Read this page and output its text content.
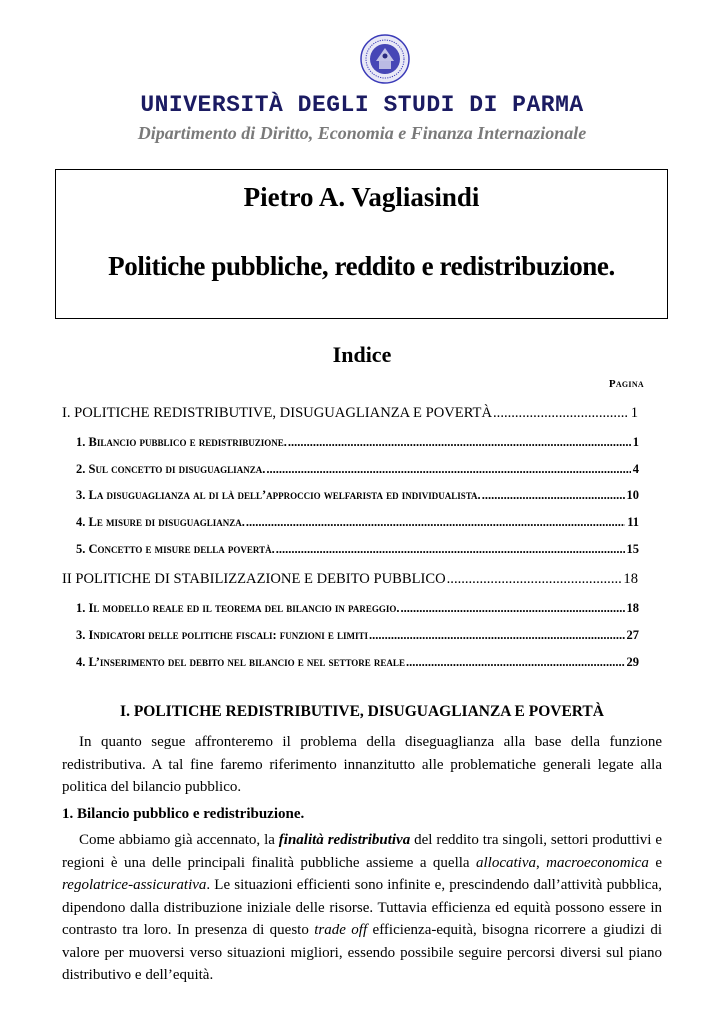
UNIVERSITÀ DEGLI STUDI DI PARMA
Dipartimento di Diritto, Economia e Finanza Internazionale
Pietro A. Vagliasindi
Politiche pubbliche, reddito e redistribuzione.
Indice
Pagina
I. POLITICHE REDISTRIBUTIVE, DISUGUAGLIANZA E POVERTÀ .....	1
1. Bilancio pubblico e redistribuzione. .....	1
2. Sul concetto di disuguaglianza. .....	4
3. La disuguaglianza al di là dell’approccio welfarista ed individualista. .....	10
4. Le misure di disuguaglianza. .....	11
5. Concetto e misure della povertà. .....	15
II POLITICHE DI STABILIZZAZIONE E DEBITO PUBBLICO .....	18
1. Il modello reale ed il teorema del bilancio in pareggio. .....	18
3. Indicatori delle politiche fiscali: funzioni e limiti .....	27
4. L’inserimento del debito nel bilancio e nel settore reale .....	29
I. POLITICHE REDISTRIBUTIVE, DISUGUAGLIANZA E POVERTÀ

In quanto segue affronteremo il problema della diseguaglianza alla base della funzione redistributiva. A tal fine faremo riferimento innanzitutto alle problematiche generali legate alla politica del bilancio pubblico.

1. Bilancio pubblico e redistribuzione.

Come abbiamo già accennato, la finalità redistributiva del reddito tra singoli, settori produttivi e regioni è una delle principali finalità pubbliche assieme a quella allocativa, macroeconomica e regolatrice-assicurativa. Le situazioni efficienti sono infinite e, prescindendo dall’attività pubblica, dipendono dalla distribuzione iniziale delle risorse. Tuttavia efficienza ed equità possono essere in contrasto tra loro. In presenza di questo trade off efficienza-equità, bisogna ricorrere a giudizi di valore per muoversi verso situazioni migliori, essendo possibile seguire percorsi diversi sul piano distributivo e dell’equità.
